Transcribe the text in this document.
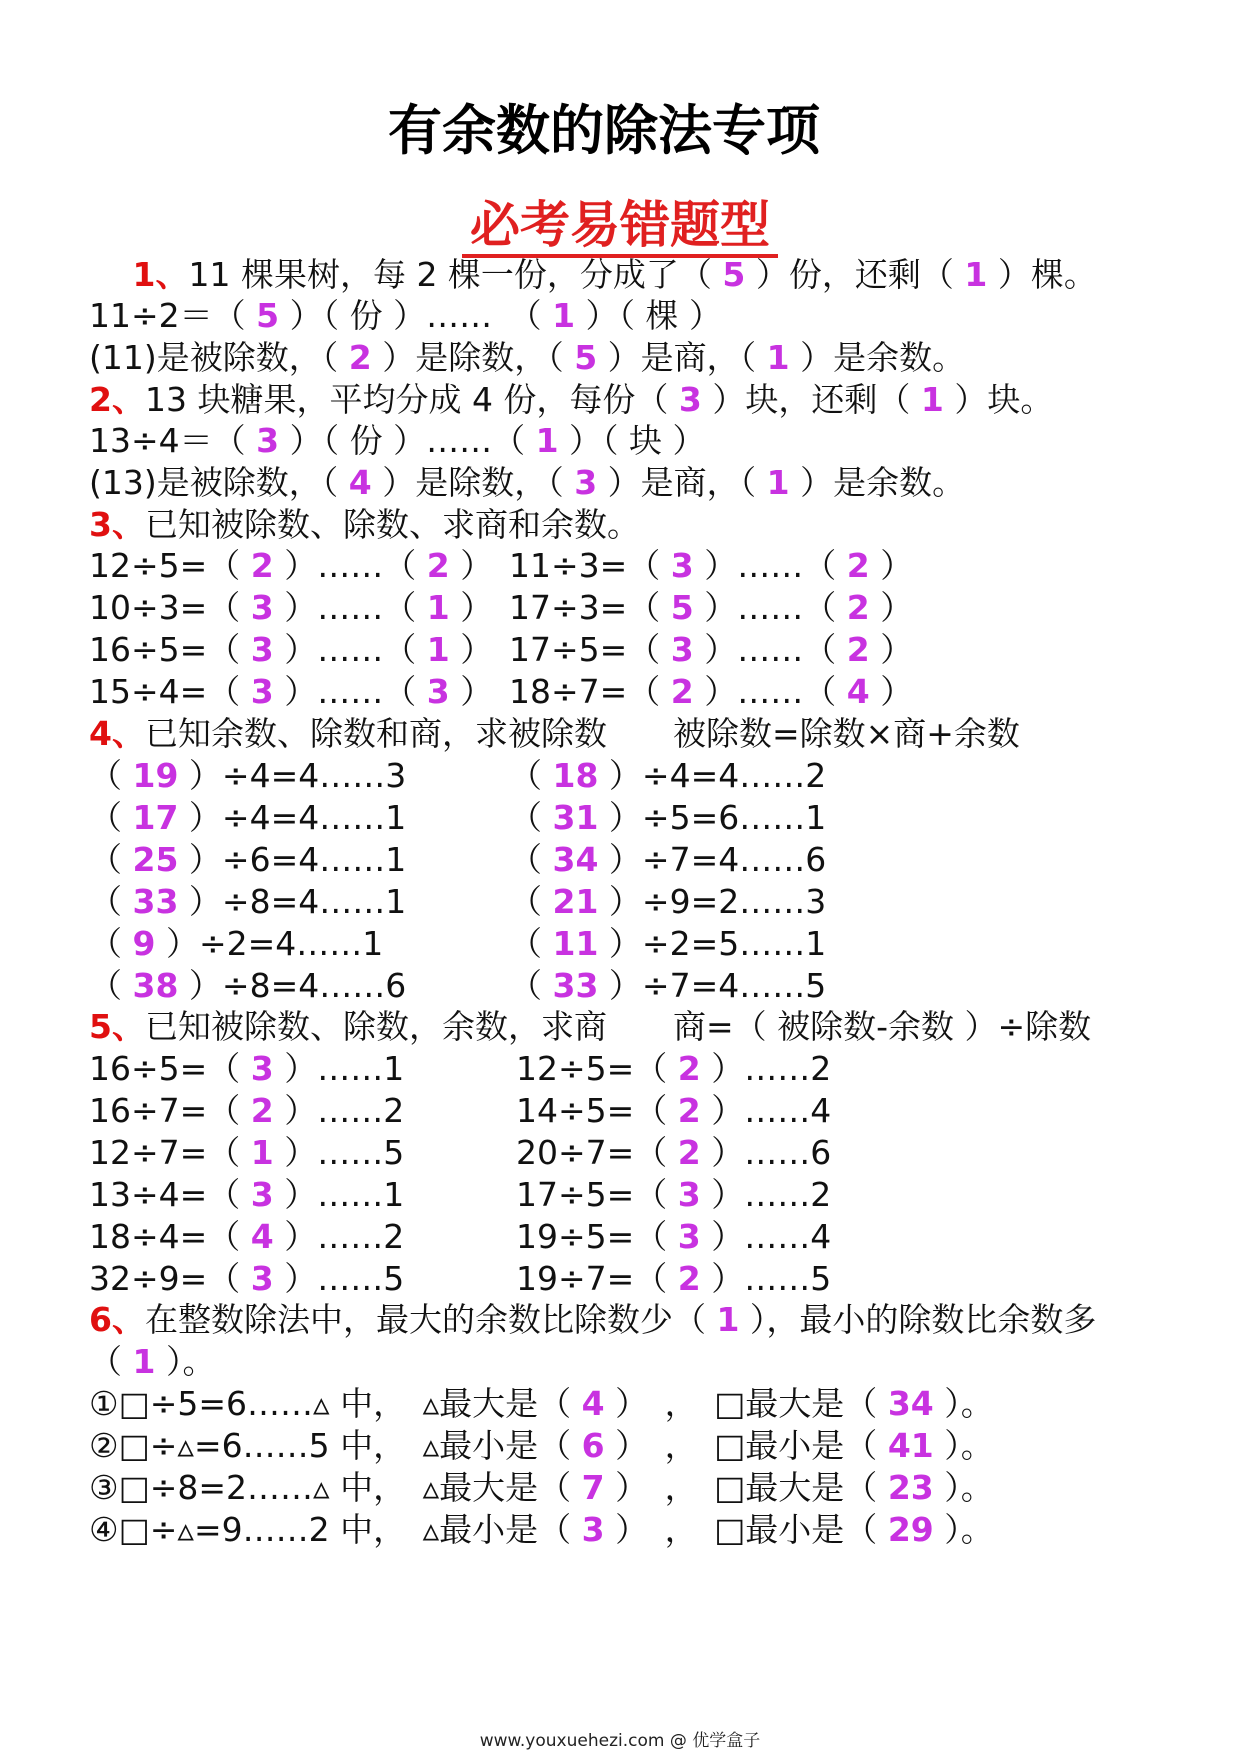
有余数的除法专项
必考易错题型
　 1、11 棵果树，每 2 棵一份，分成了（ 5 ）份，还剩（ 1 ）棵。
11÷2＝（ 5 ）（ 份 ）……　（ 1 ）（ 棵 ）
(11)是被除数，（ 2 ）是除数，（ 5 ）是商，（ 1 ）是余数。
2、13 块糖果，平均分成 4 份，每份（ 3 ）块，还剩（ 1 ）块。
13÷4＝（ 3 ）（ 份 ）……（ 1 ）（ 块 ）
(13)是被除数，（ 4 ）是除数，（ 3 ）是商，（ 1 ）是余数。
3、已知被除数、除数、求商和余数。
12÷5=（ 2 ）……（ 2 ） 11÷3=（ 3 ）……（ 2 ）
10÷3=（ 3 ）……（ 1 ） 17÷3=（ 5 ）……（ 2 ）
16÷5=（ 3 ）……（ 1 ） 17÷5=（ 3 ）……（ 2 ）
15÷4=（ 3 ）……（ 3 ） 18÷7=（ 2 ）……（ 4 ）
4、已知余数、除数和商，求被除数　　被除数=除数×商+余数
（ 19 ）÷4=4……3	（ 18 ）÷4=4……2
（ 17 ）÷4=4……1	（ 31 ）÷5=6……1
（ 25 ）÷6=4……1	（ 34 ）÷7=4……6
（ 33 ）÷8=4……1	（ 21 ）÷9=2……3
（ 9 ）÷2=4……1	（ 11 ）÷2=5……1
（ 38 ）÷8=4……6	（ 33 ）÷7=4……5
5、已知被除数、除数，余数，求商　　商=（ 被除数-余数 ）÷除数
16÷5=（ 3 ）……1	12÷5=（ 2 ）……2
16÷7=（ 2 ）……2	14÷5=（ 2 ）……4
12÷7=（ 1 ）……5	20÷7=（ 2 ）……6
13÷4=（ 3 ）……1	17÷5=（ 3 ）……2
18÷4=（ 4 ）……2	19÷5=（ 3 ）……4
32÷9=（ 3 ）……5	19÷7=（ 2 ）……5
6、在整数除法中，最大的余数比除数少（ 1 ），最小的除数比余数多
（ 1 ）。
①□÷5=6……▵ 中，　▵最大是（ 4 ）　，　□最大是（ 34 ）。
②□÷▵=6……5 中，　▵最小是（ 6 ）　，　□最小是（ 41 ）。
③□÷8=2……▵ 中，　▵最大是（ 7 ）　，　□最大是（ 23 ）。
④□÷▵=9……2 中，　▵最小是（ 3 ）　，　□最小是（ 29 ）。
www.youxuehezi.com @ 优学盒子
